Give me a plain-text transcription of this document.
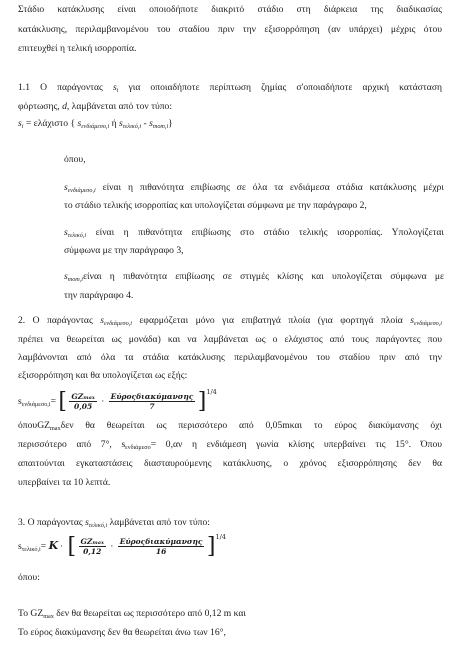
Στάδιο κατάκλυσης είναι οποιοδήποτε διακριτό στάδιο στη διάρκεια της διαδικασίας
κατάκλυσης, περιλαμβανομένου του σταδίου πριν την εξισορρόπηση (αν υπάρχει) μέχρις ότου
επιτευχθεί η τελική ισορροπία.
1.1 Ο παράγοντας $s_i$ για οποιαδήποτε περίπτωση ζημίας σ'οποιαδήποτε αρχική κατάσταση
φόρτωσης, d, λαμβάνεται από τον τύπο:
$s_i = \varepsilon\lambda ά\chi\iota\sigma\tau o$ { $s_{\varepsilon\nu\delta\iota ά\mu\varepsilon\sigma o,i}$ ή $s_{\tau\varepsilon\lambda\iota\kappa ό,i} - s_{mom,i}$}
όπου,
$s_{\varepsilon\nu\delta\iota ά\mu\varepsilon\sigma o,i}$ είναι η πιθανότητα επιβίωσης σε όλα τα ενδιάμεσα στάδια κατάκλυσης μέχρι
το στάδιο τελικής ισορροπίας και υπολογίζεται σύμφωνα με την παράγραφο 2,
$s_{\tau\varepsilon\lambda\iota\kappa ό,i}$ είναι η πιθανότητα επιβίωσης στο στάδιο τελικής ισορροπίας. Υπολογίζεται
σύμφωνα με την παράγραφο 3,
$s_{mom,i}\varepsilon ί\nu\alpha\iota$ η πιθανότητα επιβίωσης σε στιγμές κλίσης και υπολογίζεται σύμφωνα με
την παράγραφο 4.
2. Ο παράγοντας $s_{\varepsilon\nu\delta\iota ά\mu\varepsilon\sigma o,i}$ εφαρμόζεται μόνο για επιβατηγά πλοία (για φορτηγά πλοία $s_{\varepsilon\nu\delta\iota ά\mu\varepsilon\sigma o,i}$
πρέπει να θεωρείται ως μονάδα) και να λαμβάνεται ως ο ελάχιστος από τους παράγοντες που
λαμβάνονται από όλα τα στάδια κατάκλυσης περιλαμβανομένου του σταδίου πριν από την
εξισορρόπηση και θα υπολογίζεται ως εξής:
$s_{\varepsilon\nu\delta\iota ά\mu\varepsilon\sigma o,i}=$ [ $\frac{GZmax}{0,05} \cdot \frac{\text{Εύροςδιακύμανσης}}{7} ]^{1/4}$
όπουGZ$_{max}$δεν θα θεωρείται ως περισσότερο από 0,05mκαι το εύρος διακύμανσης όχι
περισσότερο από 7°, $s_{\varepsilon\nu\delta\iota ά\mu\varepsilon\sigma o}= 0,\alpha\nu$ η ενδιάμεση γωνία κλίσης υπερβαίνει τις 15°. Όπου
απαιτούνται εγκαταστάσεις διασταυρούμενης κατάκλυσης, ο χρόνος εξισορρόπησης δεν θα
υπερβαίνει τα 10 λεπτά.
3. Ο παράγοντας $s_{\tau\varepsilon\lambda\iota\kappa ό,i}$ λαμβάνεται από τον τύπο:
$s_{\tau\varepsilon\lambda\iota\kappa ό,i}= K$ · [ $\frac{GZmax}{0,12} \cdot \frac{\text{Εύροςδιακύμανσης}}{16} ]^{1/4}$
όπου:
Το $GZ_{max}$ δεν θα θεωρείται ως περισσότερο από 0,12 m και
Το εύρος διακύμανσης δεν θα θεωρείται άνω των 16°,
